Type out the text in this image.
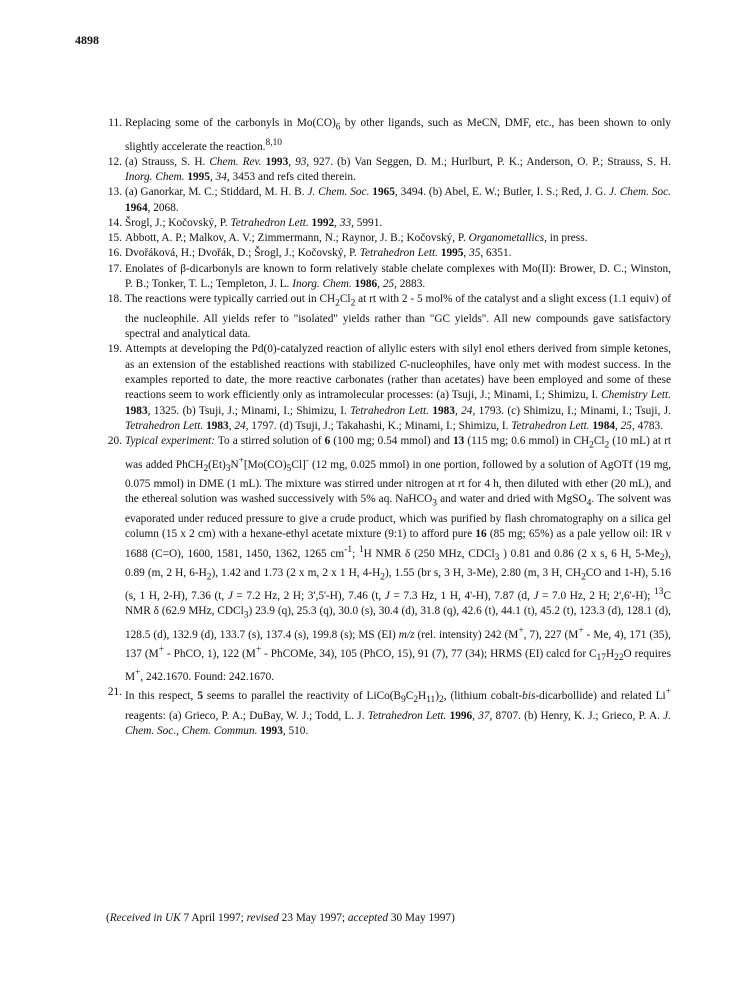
4898
11. Replacing some of the carbonyls in $Mo(CO)_6$ by other ligands, such as MeCN, DMF, etc., has been shown to only slightly accelerate the reaction.$^{8,10}$
12. (a) Strauss, S. H. Chem. Rev. 1993, 93, 927. (b) Van Seggen, D. M.; Hurlburt, P. K.; Anderson, O. P.; Strauss, S. H. Inorg. Chem. 1995, 34, 3453 and refs cited therein.
13. (a) Ganorkar, M. C.; Stiddard, M. H. B. J. Chem. Soc. 1965, 3494. (b) Abel, E. W.; Butler, I. S.; Red, J. G. J. Chem. Soc. 1964, 2068.
14. Šrogl, J.; Kočovský, P. Tetrahedron Lett. 1992, 33, 5991.
15. Abbott, A. P.; Malkov, A. V.; Zimmermann, N.; Raynor, J. B.; Kočovský, P. Organometallics, in press.
16. Dvořáková, H.; Dvořák, D.; Šrogl, J.; Kočovský, P. Tetrahedron Lett. 1995, 35, 6351.
17. Enolates of β-dicarbonyls are known to form relatively stable chelate complexes with Mo(II): Brower, D. C.; Winston, P. B.; Tonker, T. L.; Templeton, J. L. Inorg. Chem. 1986, 25, 2883.
18. The reactions were typically carried out in $CH_2Cl_2$ at rt with 2 - 5 mol% of the catalyst and a slight excess (1.1 equiv) of the nucleophile. All yields refer to "isolated" yields rather than "GC yields". All new compounds gave satisfactory spectral and analytical data.
19. Attempts at developing the Pd(0)-catalyzed reaction of allylic esters with silyl enol ethers derived from simple ketones, as an extension of the established reactions with stabilized C-nucleophiles, have only met with modest success. In the examples reported to date, the more reactive carbonates (rather than acetates) have been employed and some of these reactions seem to work efficiently only as intramolecular processes: (a) Tsuji, J.; Minami, I.; Shimizu, I. Chemistry Lett. 1983, 1325. (b) Tsuji, J.; Minami, I.; Shimizu, I. Tetrahedron Lett. 1983, 24, 1793. (c) Shimizu, I.; Minami, I.; Tsuji, J. Tetrahedron Lett. 1983, 24, 1797. (d) Tsuji, J.; Takahashi, K.; Minami, I.; Shimizu, I. Tetrahedron Lett. 1984, 25, 4783.
20. Typical experiment: To a stirred solution of 6 (100 mg; 0.54 mmol) and 13 (115 mg; 0.6 mmol) in $CH_2Cl_2$ (10 mL) at rt was added $PhCH_2(Et)_3N^+[Mo(CO)_5Cl]^-$ (12 mg, 0.025 mmol) in one portion, followed by a solution of AgOTf (19 mg, 0.075 mmol) in DME (1 mL). The mixture was stirred under nitrogen at rt for 4 h, then diluted with ether (20 mL), and the ethereal solution was washed successively with 5% aq. NaHCO$_3$ and water and dried with MgSO$_4$. The solvent was evaporated under reduced pressure to give a crude product, which was purified by flash chromatography on a silica gel column (15 x 2 cm) with a hexane-ethyl acetate mixture (9:1) to afford pure 16 (85 mg; 65%) as a pale yellow oil: IR ν 1688 (C=O), 1600, 1581, 1450, 1362, 1265 $cm^{-1}$; $^1$H NMR δ (250 MHz, CDCl$_3$ ) 0.81 and 0.86 (2 x s, 6 H, $5-Me_2$), 0.89 (m, 2 H, $6-H_2$), 1.42 and 1.73 (2 x m, 2 x 1 H, $4-H_2$), 1.55 (br s, 3 H, 3-Me), 2.80 (m, 3 H, $CH_2CO$ and 1-H), 5.16 (s, 1 H, 2-H), 7.36 (t, J = 7.2 Hz, 2 H; 3',5'-H), 7.46 (t, J = 7.3 Hz, 1 H, 4'-H), 7.87 (d, J = 7.0 Hz, 2 H; 2',6'-H); $^{13}$C NMR δ (62.9 MHz, CDCl$_3$) 23.9 (q), 25.3 (q), 30.0 (s), 30.4 (d), 31.8 (q), 42.6 (t), 44.1 (t), 45.2 (t), 123.3 (d), 128.1 (d), 128.5 (d), 132.9 (d), 133.7 (s), 137.4 (s), 199.8 (s); MS (EI) m/z (rel. intensity) 242 (M+, 7), 227 (M+ - Me, 4), 171 (35), 137 (M+ - PhCO, 1), 122 (M+ - PhCOMe, 34), 105 (PhCO, 15), 91 (7), 77 (34); HRMS (EI) calcd for $C_{17}H_{22}O$ requires M+, 242.1670. Found: 242.1670.
21. In this respect, 5 seems to parallel the reactivity of $LiCo(B_9C_2H_{11})_2$, (lithium cobalt-bis-dicarbollide) and related Li+ reagents: (a) Grieco, P. A.; DuBay, W. J.; Todd, L. J. Tetrahedron Lett. 1996, 37, 8707. (b) Henry, K. J.; Grieco, P. A. J. Chem. Soc., Chem. Commun. 1993, 510.
(Received in UK 7 April 1997; revised 23 May 1997; accepted 30 May 1997)
